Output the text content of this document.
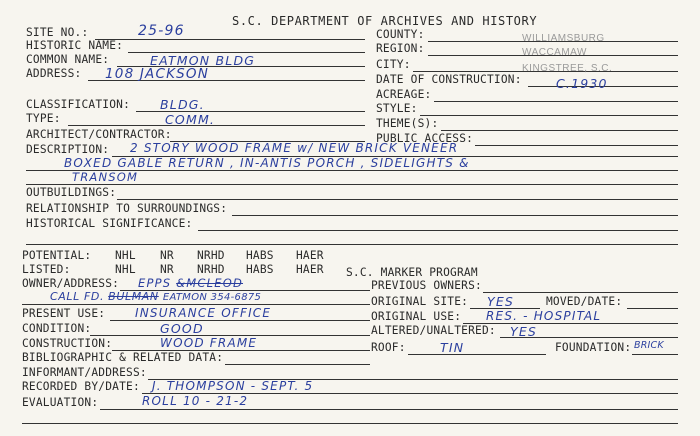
S.C. DEPARTMENT OF ARCHIVES AND HISTORY
SITE NO.:	25-96
HISTORIC NAME:
COMMON NAME:	EATMON BLDG
ADDRESS: 108 JACKSON
CLASSIFICATION: BLDG.
TYPE:	COMM.
ARCHITECT/CONTRACTOR:
COUNTY:	WILLIAMSBURG
REGION:	WACCAMAW
CITY:	KINGSTREE, S.C.
DATE OF CONSTRUCTION:	C.1930
ACREAGE:
STYLE:
THEME(S):
PUBLIC ACCESS:
DESCRIPTION: 2 STORY WOOD FRAME w/ NEW BRICK VENEER
BOXED GABLE RETURN , IN-ANTIS PORCH , SIDELIGHTS &
TRANSOM
OUTBUILDINGS:
RELATIONSHIP TO SURROUNDINGS:
HISTORICAL SIGNIFICANCE:
POTENTIAL: NHL NR NRHD HABS HAER
LISTED:	NHL NR NRHD HABS HAER S.C. MARKER PROGRAM
OWNER/ADDRESS: EPPS &MCLEOD
CALL FD. BULMAN EATMON 354-6875
PREVIOUS OWNERS:
PRESENT USE: INSURANCE OFFICE
ORIGINAL SITE: YES	MOVED/DATE:
ORIGINAL USE: RES. - HOSPITAL
CONDITION:	GOOD	ALTERED/UNALTERED: YES
CONSTRUCTION:	WOOD FRAME	ROOF:	TIN	FOUNDATION: BRICK
BIBLIOGRAPHIC & RELATED DATA:
INFORMANT/ADDRESS:
RECORDED BY/DATE: J. THOMPSON - SEPT. 5
EVALUATION:	ROLL 10 - 21-2
